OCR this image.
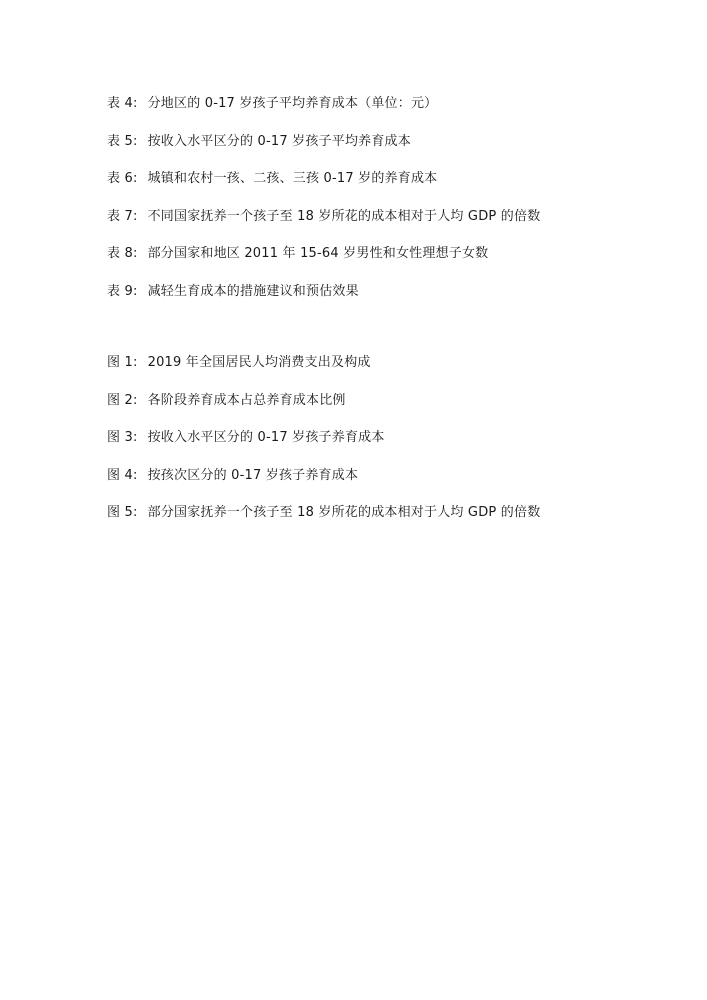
表 4: 分地区的 0-17 岁孩子平均养育成本（单位：元）
表 5: 按收入水平区分的 0-17 岁孩子平均养育成本
表 6: 城镇和农村一孩、二孩、三孩 0-17 岁的养育成本
表 7: 不同国家抚养一个孩子至 18 岁所花的成本相对于人均 GDP 的倍数
表 8: 部分国家和地区 2011 年 15-64 岁男性和女性理想子女数
表 9: 减轻生育成本的措施建议和预估效果
图 1: 2019 年全国居民人均消费支出及构成
图 2: 各阶段养育成本占总养育成本比例
图 3: 按收入水平区分的 0-17 岁孩子养育成本
图 4: 按孩次区分的 0-17 岁孩子养育成本
图 5: 部分国家抚养一个孩子至 18 岁所花的成本相对于人均 GDP 的倍数
